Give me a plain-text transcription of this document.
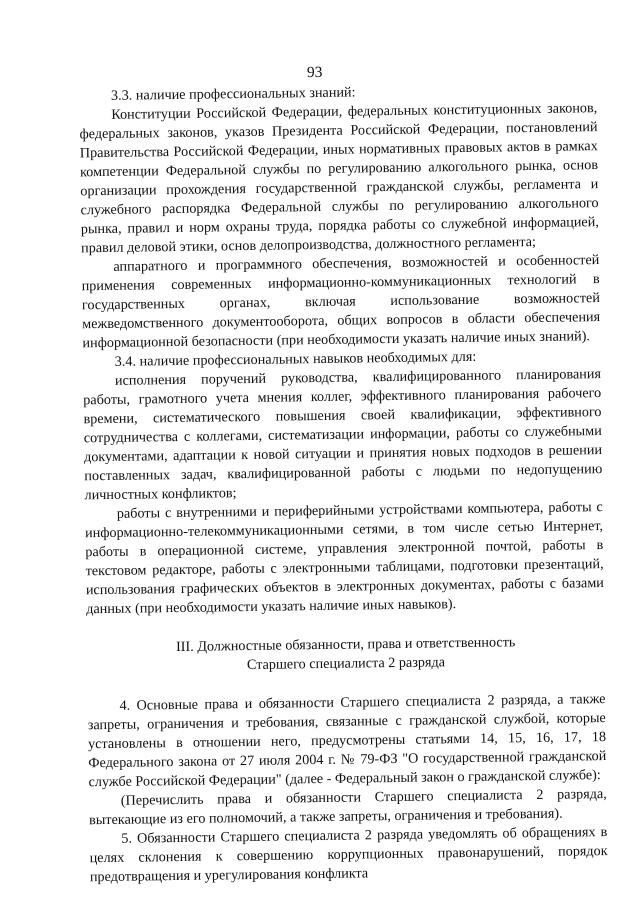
93

3.3. наличие профессиональных знаний:

Конституции Российской Федерации, федеральных конституционных законов, федеральных законов, указов Президента Российской Федерации, постановлений Правительства Российской Федерации, иных нормативных правовых актов в рамках компетенции Федеральной службы по регулированию алкогольного рынка, основ организации прохождения государственной гражданской службы, регламента и служебного распорядка Федеральной службы по регулированию алкогольного рынка, правил и норм охраны труда, порядка работы со служебной информацией, правил деловой этики, основ делопроизводства, должностного регламента;

аппаратного и программного обеспечения, возможностей и особенностей применения современных информационно-коммуникационных технологий в государственных органах, включая использование возможностей межведомственного документооборота, общих вопросов в области обеспечения информационной безопасности (при необходимости указать наличие иных знаний).

3.4. наличие профессиональных навыков необходимых для:

исполнения поручений руководства, квалифицированного планирования работы, грамотного учета мнения коллег, эффективного планирования рабочего времени, систематического повышения своей квалификации, эффективного сотрудничества с коллегами, систематизации информации, работы со служебными документами, адаптации к новой ситуации и принятия новых подходов в решении поставленных задач, квалифицированной работы с людьми по недопущению личностных конфликтов;

работы с внутренними и периферийными устройствами компьютера, работы с информационно-телекоммуникационными сетями, в том числе сетью Интернет, работы в операционной системе, управления электронной почтой, работы в текстовом редакторе, работы с электронными таблицами, подготовки презентаций, использования графических объектов в электронных документах, работы с базами данных (при необходимости указать наличие иных навыков).

III. Должностные обязанности, права и ответственность

Старшего специалиста 2 разряда

4. Основные права и обязанности Старшего специалиста 2 разряда, а также запреты, ограничения и требования, связанные с гражданской службой, которые установлены в отношении него, предусмотрены статьями 14, 15, 16, 17, 18 Федерального закона от 27 июля 2004 г. № 79-ФЗ "О государственной гражданской службе Российской Федерации" (далее - Федеральный закон о гражданской службе):

(Перечислить права и обязанности Старшего специалиста 2 разряда, вытекающие из его полномочий, а также запреты, ограничения и требования).

5. Обязанности Старшего специалиста 2 разряда уведомлять об обращениях в целях склонения к совершению коррупционных правонарушений, порядок предотвращения и урегулирования конфликта
